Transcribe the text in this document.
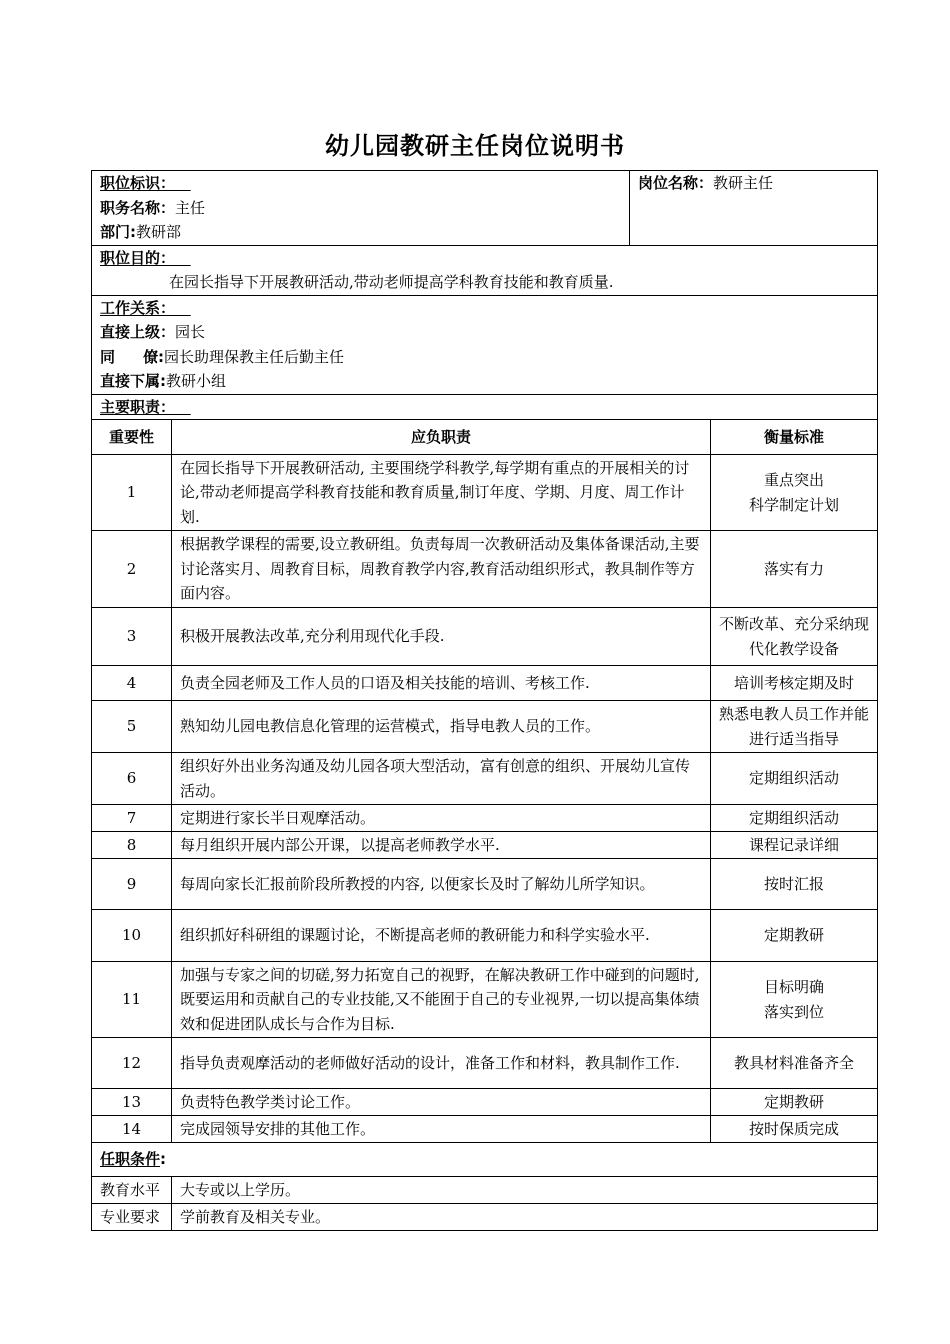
幼儿园教研主任岗位说明书
职位标识：
职务名称：主任
部门:教研部		岗位名称：教研主任	

职位目的：
在园长指导下开展教研活动,带动老师提高学科教育技能和教育质量.			

工作关系：
直接上级：园长
同 僚:园长助理保教主任后勤主任
直接下属:教研小组			

主要职责：			
重要性	应负职责		衡量标准
1	在园长指导下开展教研活动, 主要围绕学科教学,每学期有重点的开展相关的讨论,带动老师提高学科教育技能和教育质量,制订年度、学期、月度、周工作计划.		重点突出
科学制定计划
2	根据教学课程的需要,设立教研组。负责每周一次教研活动及集体备课活动,主要讨论落实月、周教育目标，周教育教学内容,教育活动组织形式，教具制作等方面内容。		落实有力
3	积极开展教法改革,充分利用现代化手段.		不断改革、充分采纳现代化教学设备
4	负责全园老师及工作人员的口语及相关技能的培训、考核工作.		培训考核定期及时
5	熟知幼儿园电教信息化管理的运营模式，指导电教人员的工作。		熟悉电教人员工作并能进行适当指导
6	组织好外出业务沟通及幼儿园各项大型活动，富有创意的组织、开展幼儿宣传活动。		定期组织活动
7	定期进行家长半日观摩活动。		定期组织活动
8	每月组织开展内部公开课，以提高老师教学水平.		课程记录详细
9	每周向家长汇报前阶段所教授的内容, 以便家长及时了解幼儿所学知识。		按时汇报
10	组织抓好科研组的课题讨论，不断提高老师的教研能力和科学实验水平.		定期教研
11	加强与专家之间的切磋,努力拓宽自己的视野，在解决教研工作中碰到的问题时,既要运用和贡献自己的专业技能,又不能囿于自己的专业视界,一切以提高集体绩效和促进团队成长与合作为目标.		目标明确
落实到位
12	指导负责观摩活动的老师做好活动的设计，准备工作和材料，教具制作工作.		教具材料准备齐全
13	负责特色教学类讨论工作。		定期教研
14	完成园领导安排的其他工作。		按时保质完成
任职条件:			
教育水平	大专或以上学历。		
专业要求	学前教育及相关专业。		
